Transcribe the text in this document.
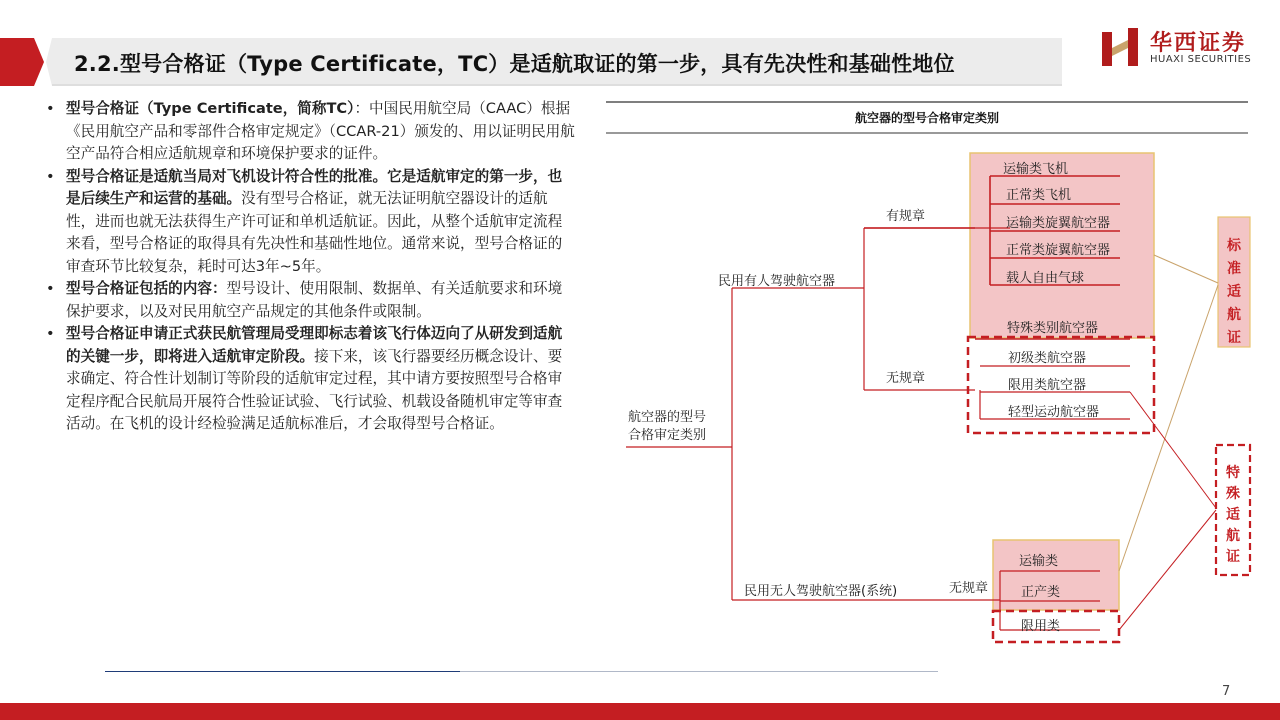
2.2.型号合格证（Type Certificate，TC）是适航取证的第一步，具有先决性和基础性地位
华西证券
HUAXI SECURITIES

• 型号合格证（Type Certificate，简称TC）：中国民用航空局（CAAC）根据《民用航空产品和零部件合格审定规定》（CCAR-21）颁发的、用以证明民用航空产品符合相应适航规章和环境保护要求的证件。

• 型号合格证是适航当局对飞机设计符合性的批准。它是适航审定的第一步，也是后续生产和运营的基础。没有型号合格证，就无法证明航空器设计的适航性，进而也就无法获得生产许可证和单机适航证。因此，从整个适航审定流程来看，型号合格证的取得具有先决性和基础性地位。通常来说，型号合格证的审查环节比较复杂，耗时可达3年~5年。

• 型号合格证包括的内容：型号设计、使用限制、数据单、有关适航要求和环境保护要求，以及对民用航空产品规定的其他条件或限制。

• 型号合格证申请正式获民航管理局受理即标志着该飞行体迈向了从研发到适航的关键一步，即将进入适航审定阶段。接下来，该飞行器要经历概念设计、要求确定、符合性计划制订等阶段的适航审定过程，其中请方要按照型号合格审定程序配合民航局开展符合性验证试验、飞行试验、机载设备随机审定等审查活动。在飞机的设计经检验满足适航标准后，才会取得型号合格证。

航空器的型号合格审定类别
航空器的型号
合格审定类别
民用有人驾驶航空器
民用无人驾驶航空器(系统)
有规章
无规章
无规章
运输类飞机
正常类飞机
运输类旋翼航空器
正常类旋翼航空器
载人自由气球
特殊类别航空器
初级类航空器
限用类航空器
轻型运动航空器
运输类
正产类
限用类
标准适航证
特殊适航证
7
